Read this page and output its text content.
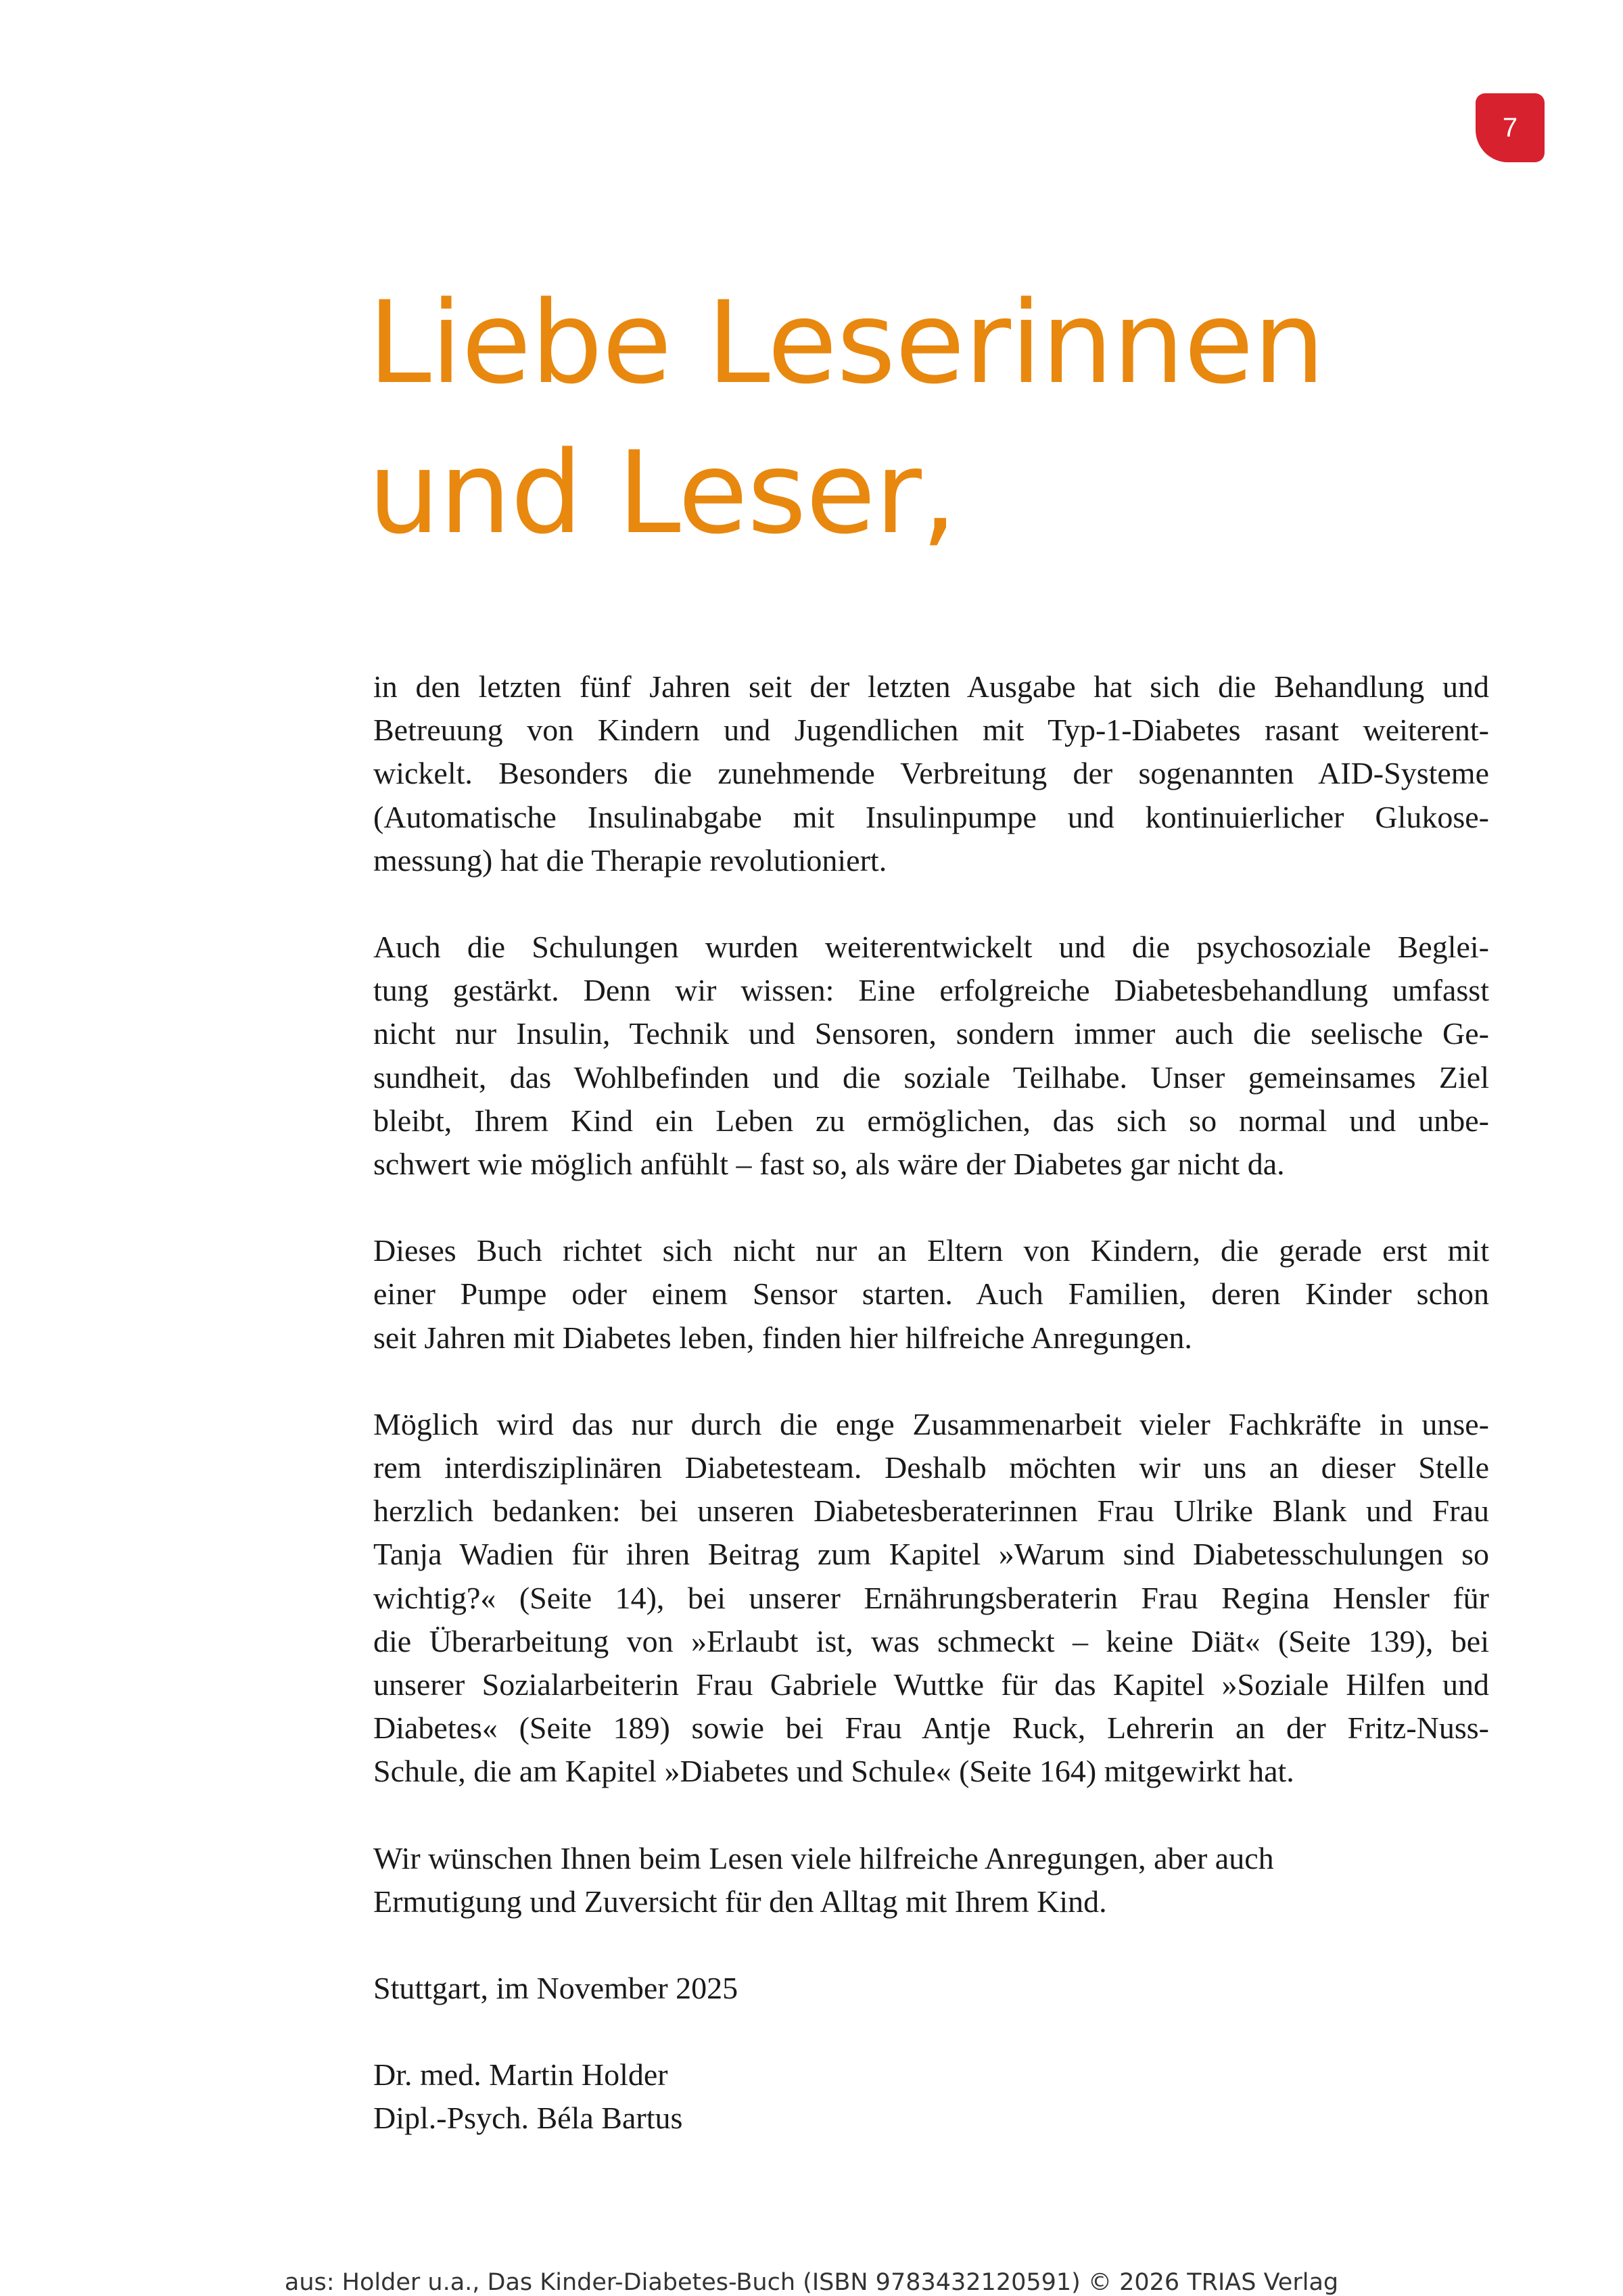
7
Liebe Leserinnen
und Leser,

in den letzten fünf Jahren seit der letzten Ausgabe hat sich die Behandlung und
Betreuung von Kindern und Jugendlichen mit Typ-1-Diabetes rasant weiterent-
wickelt. Besonders die zunehmende Verbreitung der sogenannten AID-Systeme
(Automatische Insulinabgabe mit Insulinpumpe und kontinuierlicher Glukose-
messung) hat die Therapie revolutioniert.

Auch die Schulungen wurden weiterentwickelt und die psychosoziale Beglei-
tung gestärkt. Denn wir wissen: Eine erfolgreiche Diabetesbehandlung umfasst
nicht nur Insulin, Technik und Sensoren, sondern immer auch die seelische Ge-
sundheit, das Wohlbefinden und die soziale Teilhabe. Unser gemeinsames Ziel
bleibt, Ihrem Kind ein Leben zu ermöglichen, das sich so normal und unbe-
schwert wie möglich anfühlt – fast so, als wäre der Diabetes gar nicht da.

Dieses Buch richtet sich nicht nur an Eltern von Kindern, die gerade erst mit
einer Pumpe oder einem Sensor starten. Auch Familien, deren Kinder schon
seit Jahren mit Diabetes leben, finden hier hilfreiche Anregungen.

Möglich wird das nur durch die enge Zusammenarbeit vieler Fachkräfte in unse-
rem interdisziplinären Diabetesteam. Deshalb möchten wir uns an dieser Stelle
herzlich bedanken: bei unseren Diabetesberaterinnen Frau Ulrike Blank und Frau
Tanja Wadien für ihren Beitrag zum Kapitel »Warum sind Diabetesschulungen so
wichtig?« (Seite 14), bei unserer Ernährungsberaterin Frau Regina Hensler für
die Überarbeitung von »Erlaubt ist, was schmeckt – keine Diät« (Seite 139), bei
unserer Sozialarbeiterin Frau Gabriele Wuttke für das Kapitel »Soziale Hilfen und
Diabetes« (Seite 189) sowie bei Frau Antje Ruck, Lehrerin an der Fritz-Nuss-
Schule, die am Kapitel »Diabetes und Schule« (Seite 164) mitgewirkt hat.

Wir wünschen Ihnen beim Lesen viele hilfreiche Anregungen, aber auch
Ermutigung und Zuversicht für den Alltag mit Ihrem Kind.

Stuttgart, im November 2025

Dr. med. Martin Holder
Dipl.-Psych. Béla Bartus

aus: Holder u.a., Das Kinder-Diabetes-Buch (ISBN 9783432120591) © 2026 TRIAS Verlag
